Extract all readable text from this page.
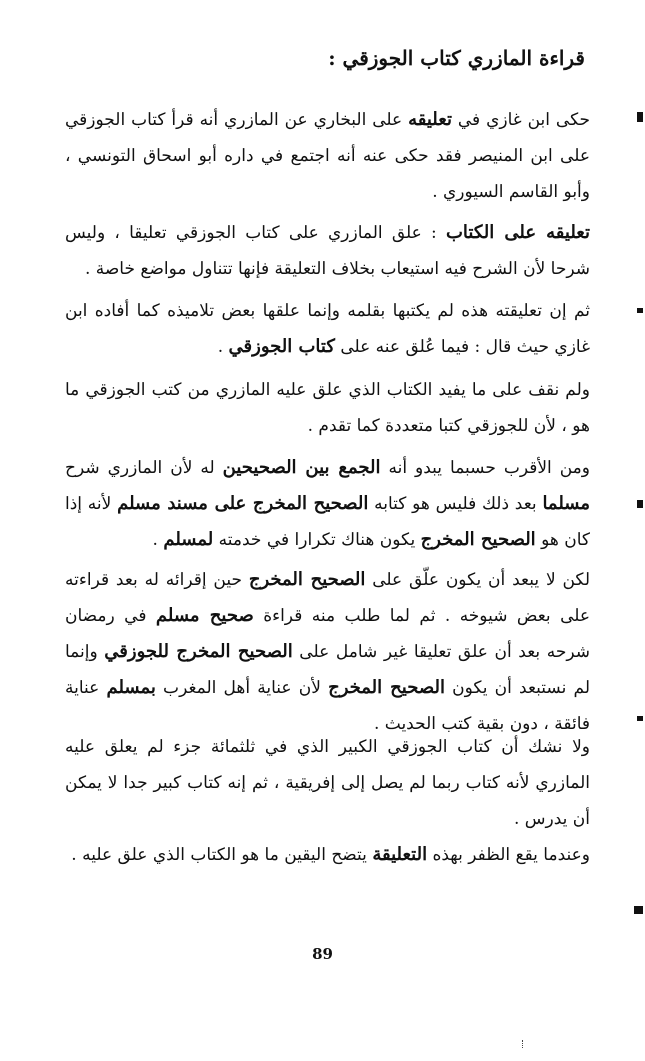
قراءة المازري كتاب الجوزقي :

حكى ابن غازي في تعليقه على البخاري عن المازري أنه قرأ كتاب الجوزقي على ابن المنيصر فقد حكى عنه أنه اجتمع في داره أبو اسحاق التونسي ، وأبو القاسم السيوري .

تعليقه على الكتاب : علق المازري على كتاب الجوزقي تعليقا ، وليس شرحا لأن الشرح فيه استيعاب بخلاف التعليقة فإنها تتناول مواضع خاصة .

ثم إن تعليقته هذه لم يكتبها بقلمه وإنما علقها بعض تلاميذه كما أفاده ابن غازي حيث قال : فيما عُلق عنه على كتاب الجوزقي .

ولم نقف على ما يفيد الكتاب الذي علق عليه المازري من كتب الجوزقي ما هو ، لأن للجوزقي كتبا متعددة كما تقدم .

ومن الأقرب حسبما يبدو أنه الجمع بين الصحيحين له لأن المازري شرح مسلما بعد ذلك فليس هو كتابه الصحيح المخرج على مسند مسلم لأنه إذا كان هو الصحيح المخرج يكون هناك تكرارا في خدمته لمسلم .

لكن لا يبعد أن يكون علّق على الصحيح المخرج حين إقرائه له بعد قراءته على بعض شيوخه . ثم لما طلب منه قراءة صحيح مسلم في رمضان شرحه بعد أن علق تعليقا غير شامل على الصحيح المخرج للجوزقي وإنما لم نستبعد أن يكون الصحيح المخرج لأن عناية أهل المغرب بمسلم عناية فائقة ، دون بقية كتب الحديث .

ولا نشك أن كتاب الجوزقي الكبير الذي في ثلثمائة جزء لم يعلق عليه المازري لأنه كتاب ربما لم يصل إلى إفريقية ، ثم إنه كتاب كبير جدا لا يمكن أن يدرس .

وعندما يقع الظفر بهذه التعليقة يتضح اليقين ما هو الكتاب الذي علق عليه .

89
